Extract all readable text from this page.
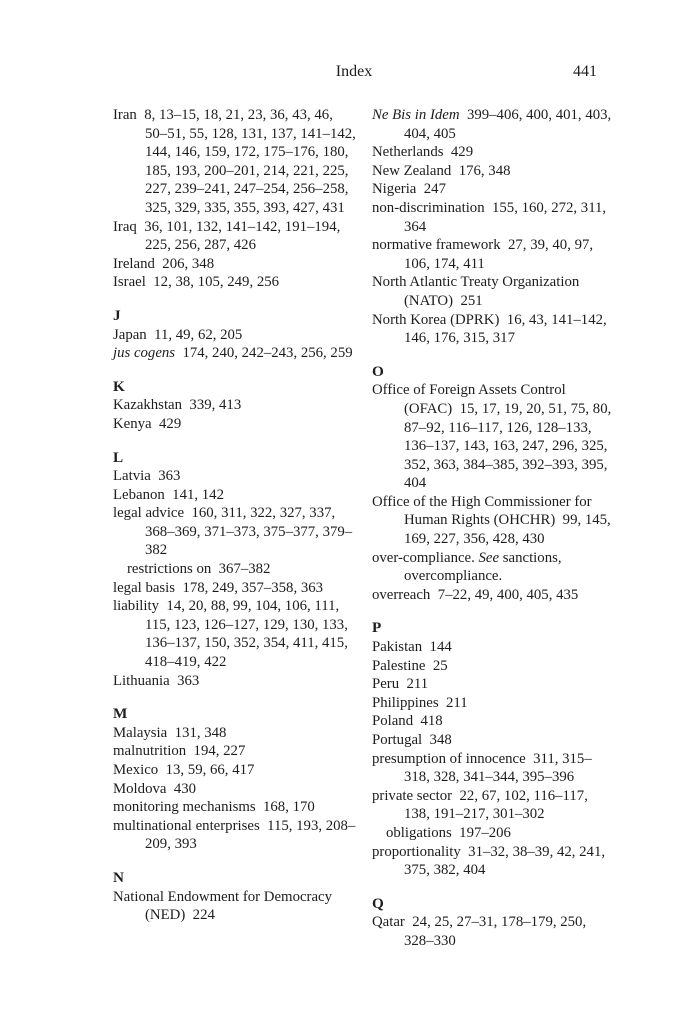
Index	441
Iran 8, 13–15, 18, 21, 23, 36, 43, 46, 50–51, 55, 128, 131, 137, 141–142, 144, 146, 159, 172, 175–176, 180, 185, 193, 200–201, 214, 221, 225, 227, 239–241, 247–254, 256–258, 325, 329, 335, 355, 393, 427, 431
Iraq 36, 101, 132, 141–142, 191–194, 225, 256, 287, 426
Ireland 206, 348
Israel 12, 38, 105, 249, 256
J
Japan 11, 49, 62, 205
jus cogens 174, 240, 242–243, 256, 259
K
Kazakhstan 339, 413
Kenya 429
L
Latvia 363
Lebanon 141, 142
legal advice 160, 311, 322, 327, 337, 368–369, 371–373, 375–377, 379–382
restrictions on 367–382
legal basis 178, 249, 357–358, 363
liability 14, 20, 88, 99, 104, 106, 111, 115, 123, 126–127, 129, 130, 133, 136–137, 150, 352, 354, 411, 415, 418–419, 422
Lithuania 363
M
Malaysia 131, 348
malnutrition 194, 227
Mexico 13, 59, 66, 417
Moldova 430
monitoring mechanisms 168, 170
multinational enterprises 115, 193, 208–209, 393
N
National Endowment for Democracy (NED) 224
Ne Bis in Idem 399–406, 400, 401, 403, 404, 405
Netherlands 429
New Zealand 176, 348
Nigeria 247
non-discrimination 155, 160, 272, 311, 364
normative framework 27, 39, 40, 97, 106, 174, 411
North Atlantic Treaty Organization (NATO) 251
North Korea (DPRK) 16, 43, 141–142, 146, 176, 315, 317
O
Office of Foreign Assets Control (OFAC) 15, 17, 19, 20, 51, 75, 80, 87–92, 116–117, 126, 128–133, 136–137, 143, 163, 247, 296, 325, 352, 363, 384–385, 392–393, 395, 404
Office of the High Commissioner for Human Rights (OHCHR) 99, 145, 169, 227, 356, 428, 430
over-compliance. See sanctions, overcompliance.
overreach 7–22, 49, 400, 405, 435
P
Pakistan 144
Palestine 25
Peru 211
Philippines 211
Poland 418
Portugal 348
presumption of innocence 311, 315–318, 328, 341–344, 395–396
private sector 22, 67, 102, 116–117, 138, 191–217, 301–302
obligations 197–206
proportionality 31–32, 38–39, 42, 241, 375, 382, 404
Q
Qatar 24, 25, 27–31, 178–179, 250, 328–330
